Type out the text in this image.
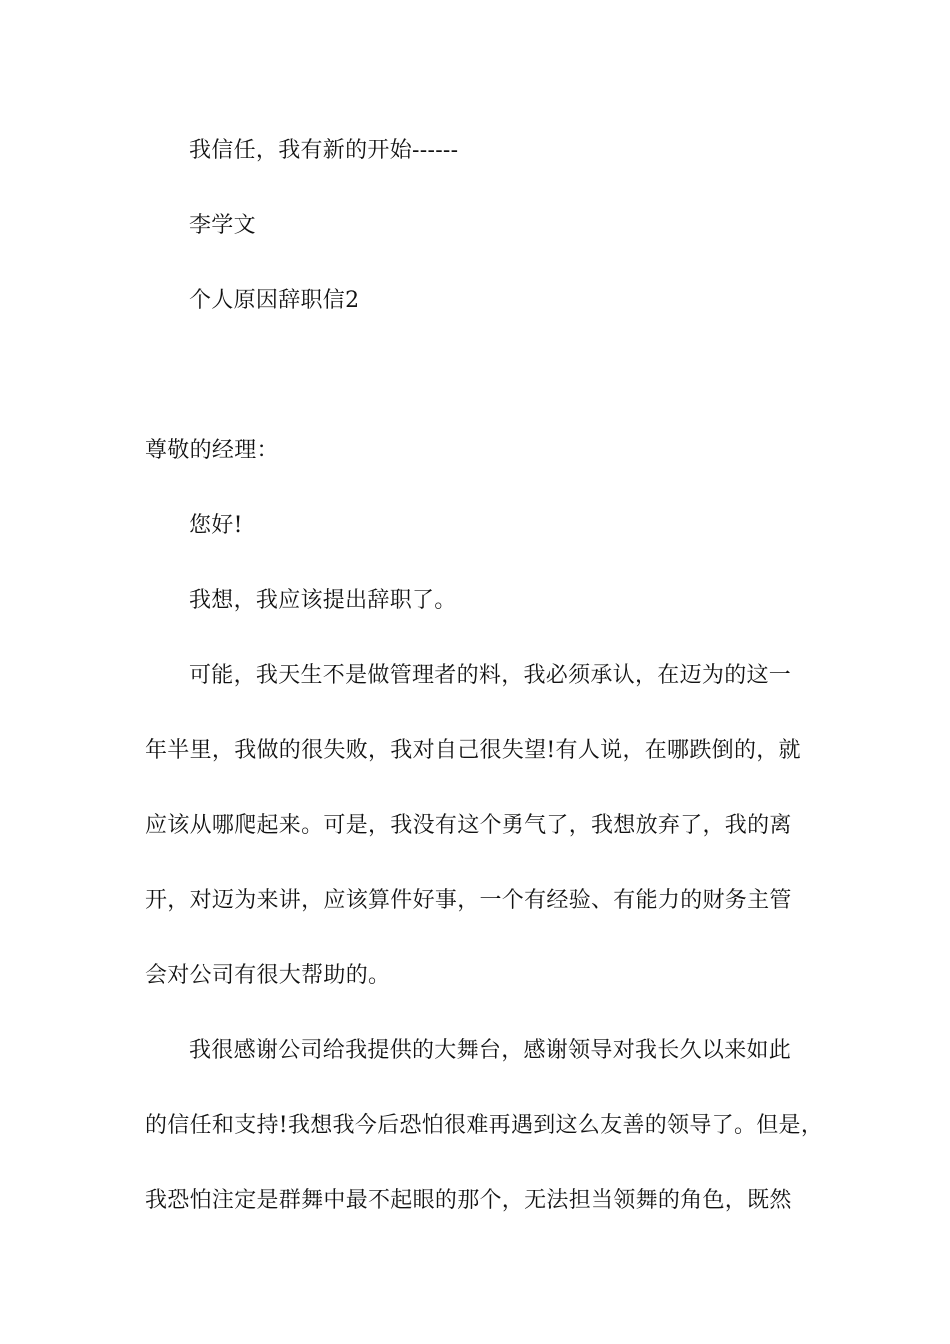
我信任，我有新的开始------
李学文
个人原因辞职信2
尊敬的经理：
您好!
我想，我应该提出辞职了。
可能，我天生不是做管理者的料，我必须承认，在迈为的这一
年半里，我做的很失败，我对自己很失望!有人说，在哪跌倒的，就
应该从哪爬起来。可是，我没有这个勇气了，我想放弃了，我的离
开，对迈为来讲，应该算件好事，一个有经验、有能力的财务主管
会对公司有很大帮助的。
我很感谢公司给我提供的大舞台，感谢领导对我长久以来如此
的信任和支持!我想我今后恐怕很难再遇到这么友善的领导了。但是，
我恐怕注定是群舞中最不起眼的那个，无法担当领舞的角色，既然
